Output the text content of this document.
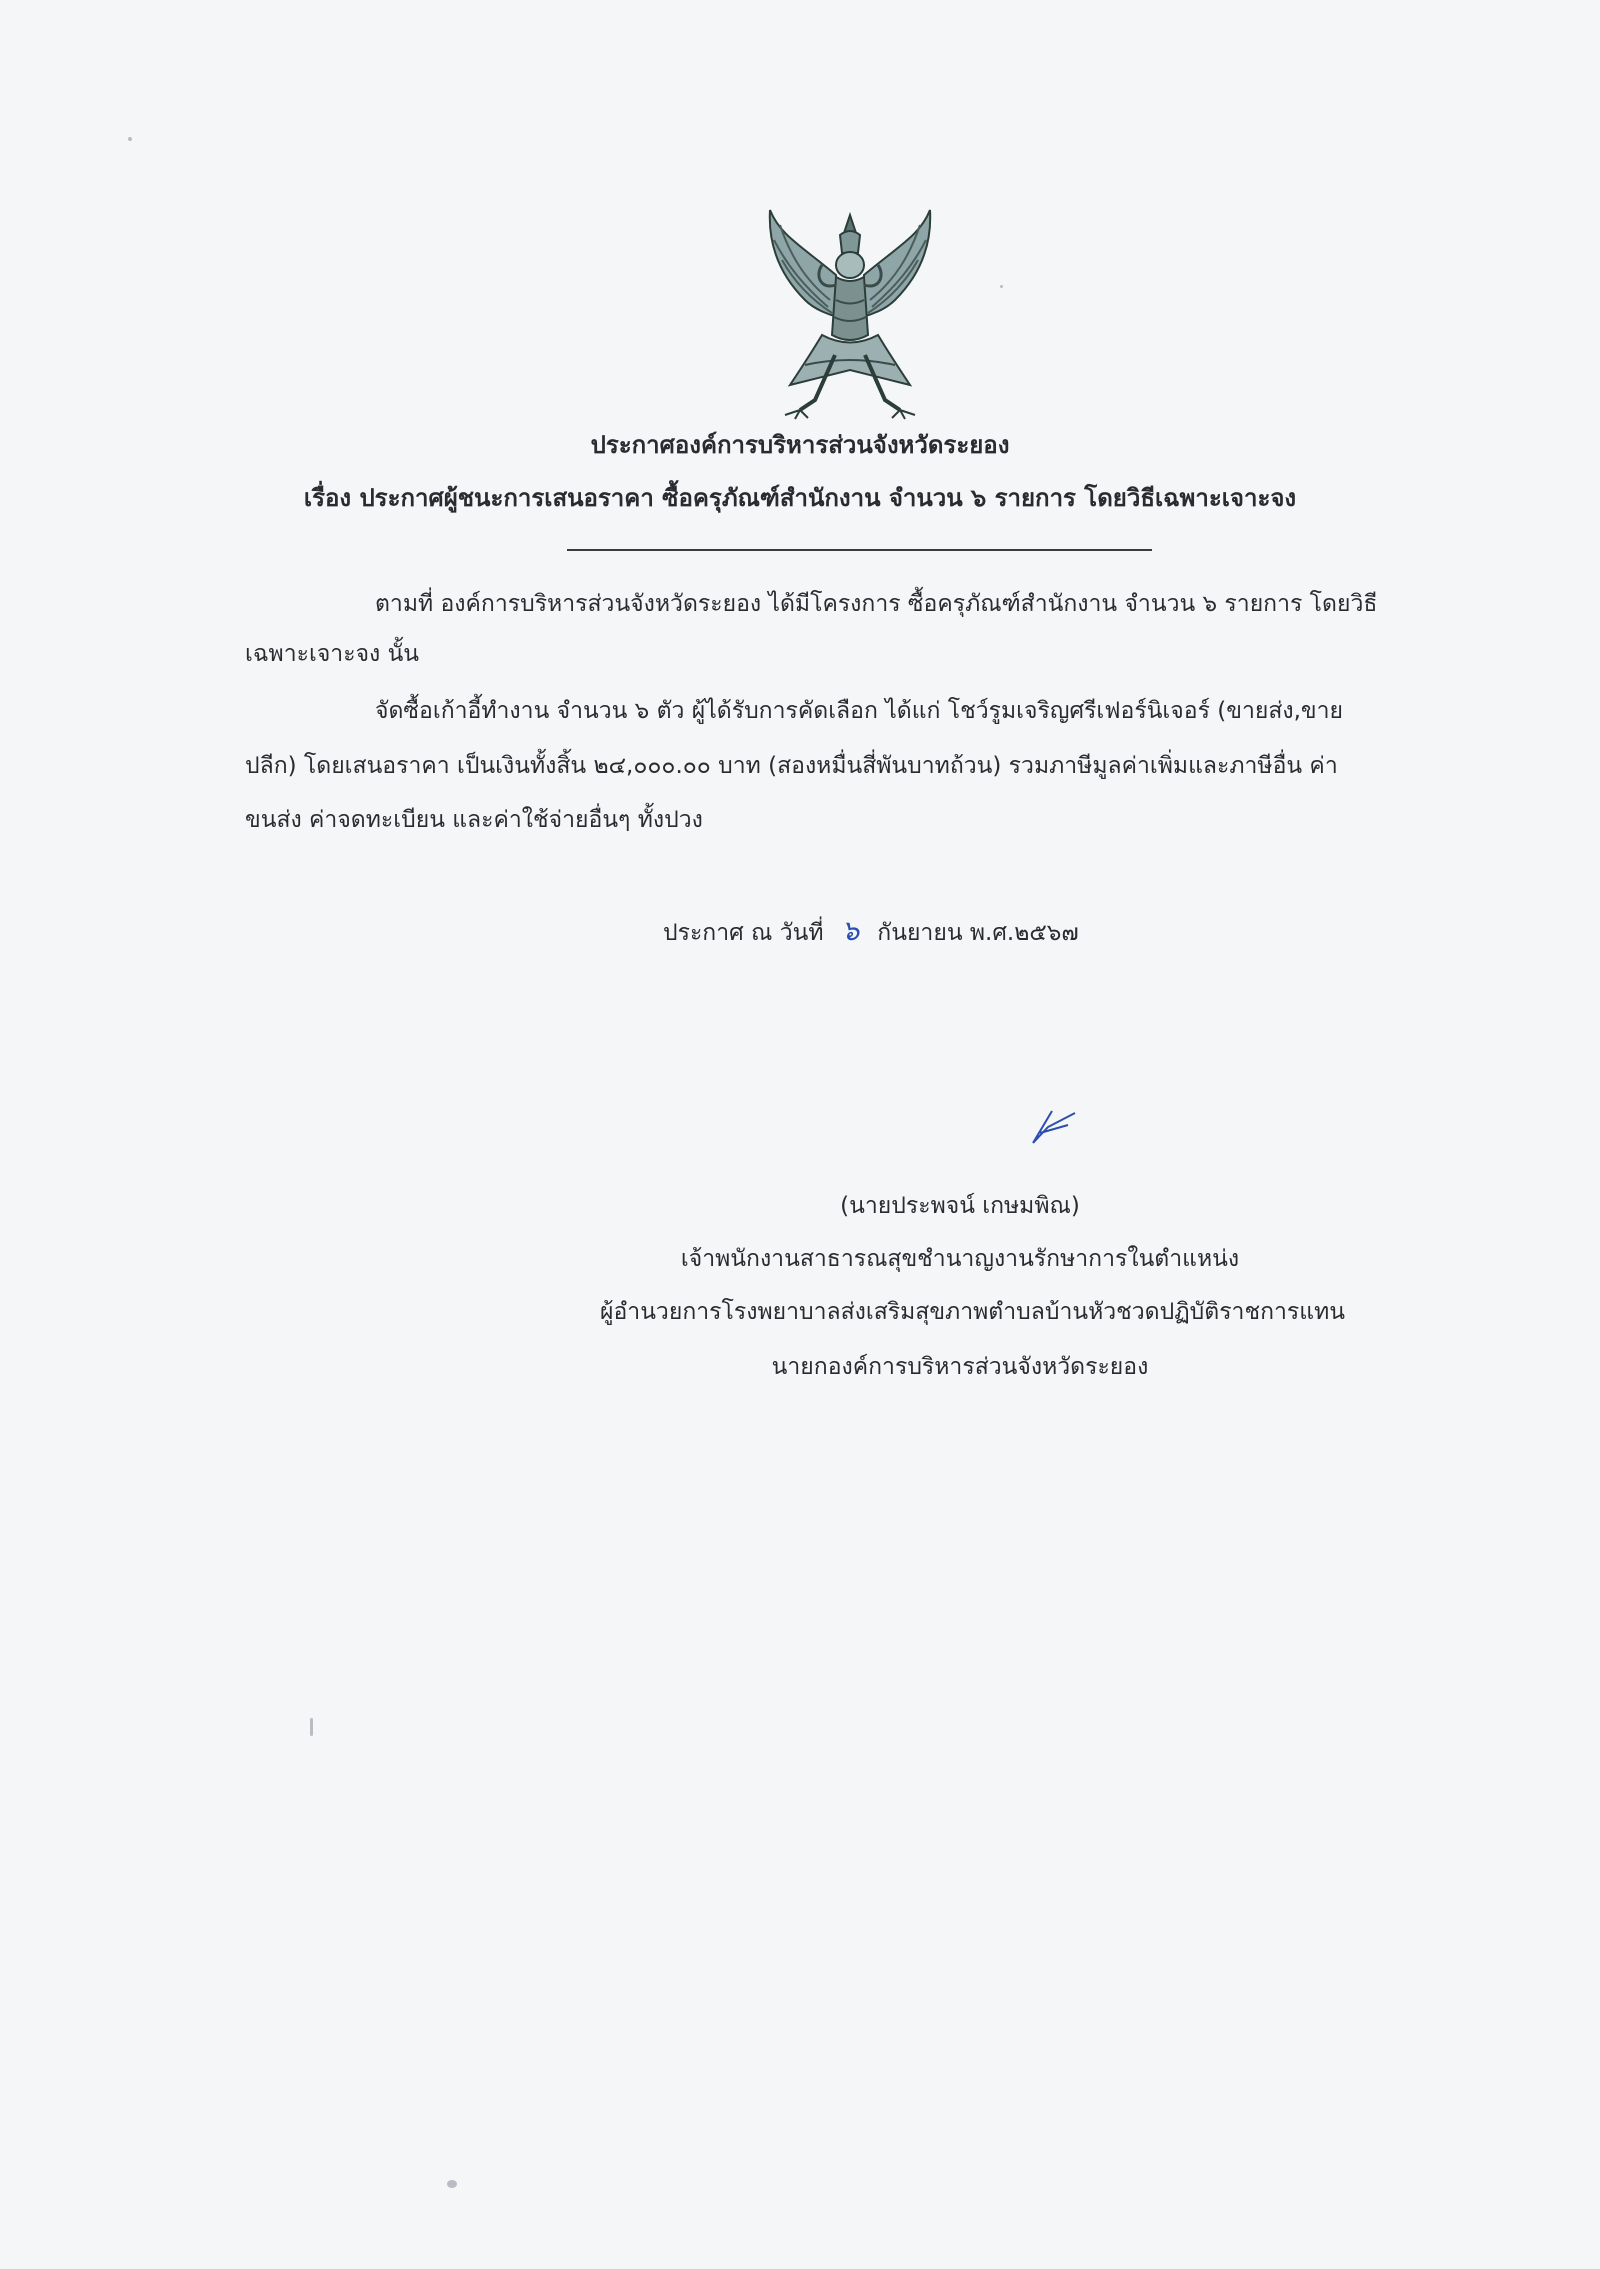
ประกาศองค์การบริหารส่วนจังหวัดระยอง
เรื่อง ประกาศผู้ชนะการเสนอราคา ซื้อครุภัณฑ์สำนักงาน จำนวน ๖ รายการ โดยวิธีเฉพาะเจาะจง
ตามที่ องค์การบริหารส่วนจังหวัดระยอง ได้มีโครงการ ซื้อครุภัณฑ์สำนักงาน จำนวน ๖ รายการ โดยวิธี
เฉพาะเจาะจง นั้น
จัดซื้อเก้าอี้ทำงาน จำนวน ๖ ตัว ผู้ได้รับการคัดเลือก ได้แก่ โชว์รูมเจริญศรีเฟอร์นิเจอร์ (ขายส่ง,ขาย
ปลีก) โดยเสนอราคา เป็นเงินทั้งสิ้น ๒๔,๐๐๐.๐๐ บาท (สองหมื่นสี่พันบาทถ้วน) รวมภาษีมูลค่าเพิ่มและภาษีอื่น ค่า
ขนส่ง ค่าจดทะเบียน และค่าใช้จ่ายอื่นๆ ทั้งปวง
ประกาศ ณ วันที่ ๖ กันยายน พ.ศ.๒๕๖๗
(นายประพจน์ เกษมพิณ)
เจ้าพนักงานสาธารณสุขชำนาญงานรักษาการในตำแหน่ง
ผู้อำนวยการโรงพยาบาลส่งเสริมสุขภาพตำบลบ้านหัวชวดปฏิบัติราชการแทน
นายกองค์การบริหารส่วนจังหวัดระยอง
